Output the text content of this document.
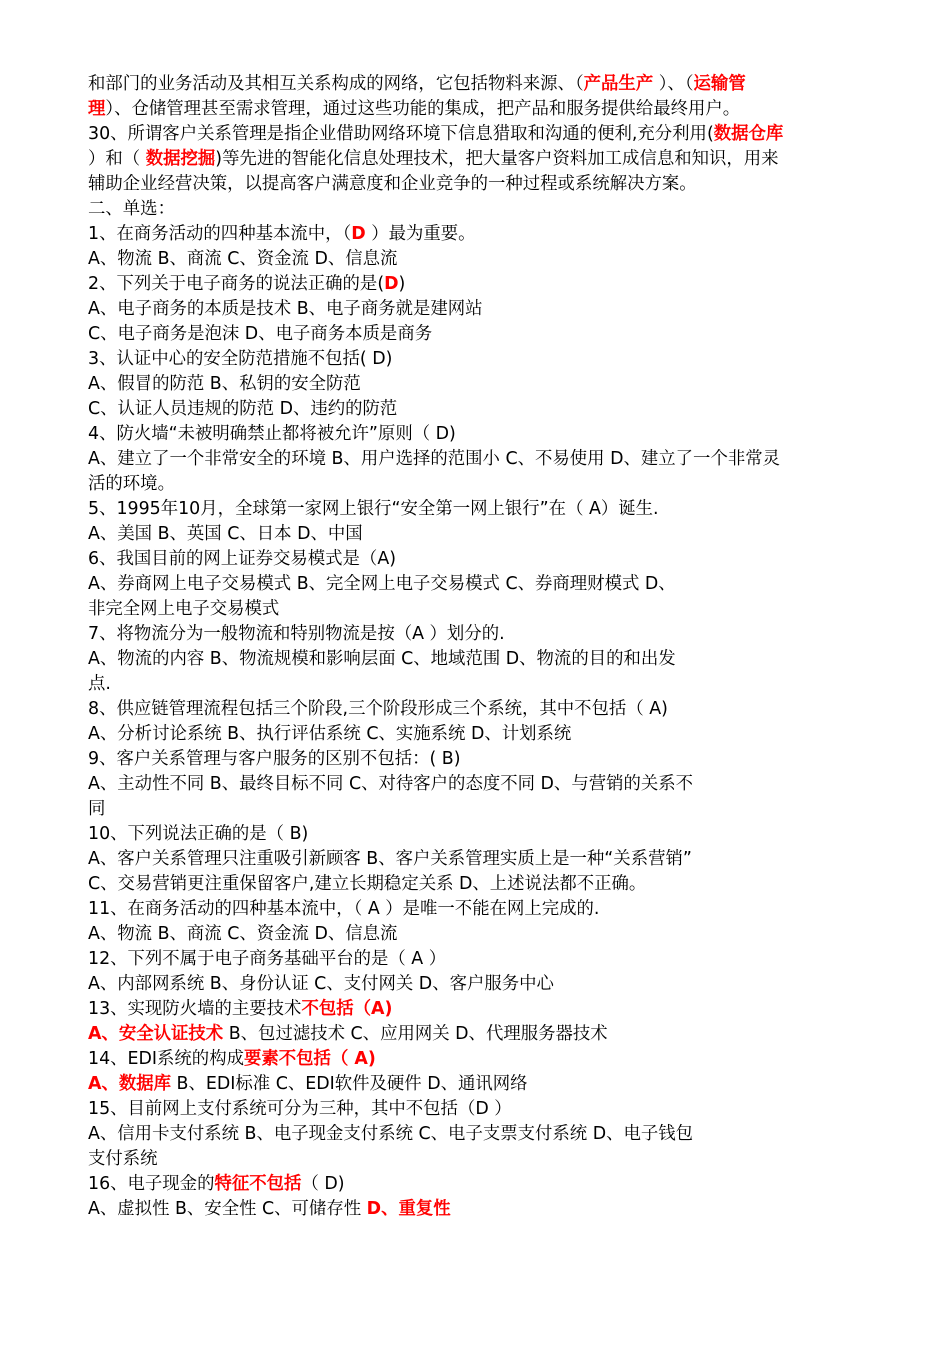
和部门的业务活动及其相互关系构成的网络，它包括物料来源、（产品生产 ）、（运输管
理）、仓储管理甚至需求管理，通过这些功能的集成，把产品和服务提供给最终用户。
30、所谓客户关系管理是指企业借助网络环境下信息猎取和沟通的便利,充分利用(数据仓库
）和（ 数据挖掘)等先进的智能化信息处理技术，把大量客户资料加工成信息和知识，用来
辅助企业经营决策，以提高客户满意度和企业竞争的一种过程或系统解决方案。
二、单选：
1、在商务活动的四种基本流中，（D ）最为重要。
A、物流 B、商流 C、资金流 D、信息流
2、下列关于电子商务的说法正确的是(D)
A、电子商务的本质是技术 B、电子商务就是建网站
C、电子商务是泡沫 D、电子商务本质是商务
3、认证中心的安全防范措施不包括( D)
A、假冒的防范 B、私钥的安全防范
C、认证人员违规的防范 D、违约的防范
4、防火墙“未被明确禁止都将被允许”原则（ D)
A、建立了一个非常安全的环境 B、用户选择的范围小 C、不易使用 D、建立了一个非常灵
活的环境。
5、1995年10月，全球第一家网上银行“安全第一网上银行”在（ A）诞生.
A、美国 B、英国 C、日本 D、中国
6、我国目前的网上证券交易模式是（A)
A、券商网上电子交易模式 B、完全网上电子交易模式 C、券商理财模式 D、
非完全网上电子交易模式
7、将物流分为一般物流和特别物流是按（A ）划分的.
A、物流的内容 B、物流规模和影响层面 C、地域范围 D、物流的目的和出发
点.
8、供应链管理流程包括三个阶段,三个阶段形成三个系统，其中不包括（ A)
A、分析讨论系统 B、执行评估系统 C、实施系统 D、计划系统
9、客户关系管理与客户服务的区别不包括：( B)
A、主动性不同 B、最终目标不同 C、对待客户的态度不同 D、与营销的关系不
同
10、下列说法正确的是（ B)
A、客户关系管理只注重吸引新顾客 B、客户关系管理实质上是一种“关系营销”
C、交易营销更注重保留客户,建立长期稳定关系 D、上述说法都不正确。
11、在商务活动的四种基本流中，（ A ）是唯一不能在网上完成的.
A、物流 B、商流 C、资金流 D、信息流
12、下列不属于电子商务基础平台的是（ A ）
A、内部网系统 B、身份认证 C、支付网关 D、客户服务中心
13、实现防火墙的主要技术不包括（A)
A、安全认证技术 B、包过滤技术 C、应用网关 D、代理服务器技术
14、EDI系统的构成要素不包括（ A)
A、数据库 B、EDI标准 C、EDI软件及硬件 D、通讯网络
15、目前网上支付系统可分为三种，其中不包括（D ）
A、信用卡支付系统 B、电子现金支付系统 C、电子支票支付系统 D、电子钱包
支付系统
16、电子现金的特征不包括（ D)
A、虚拟性 B、安全性 C、可储存性 D、重复性
